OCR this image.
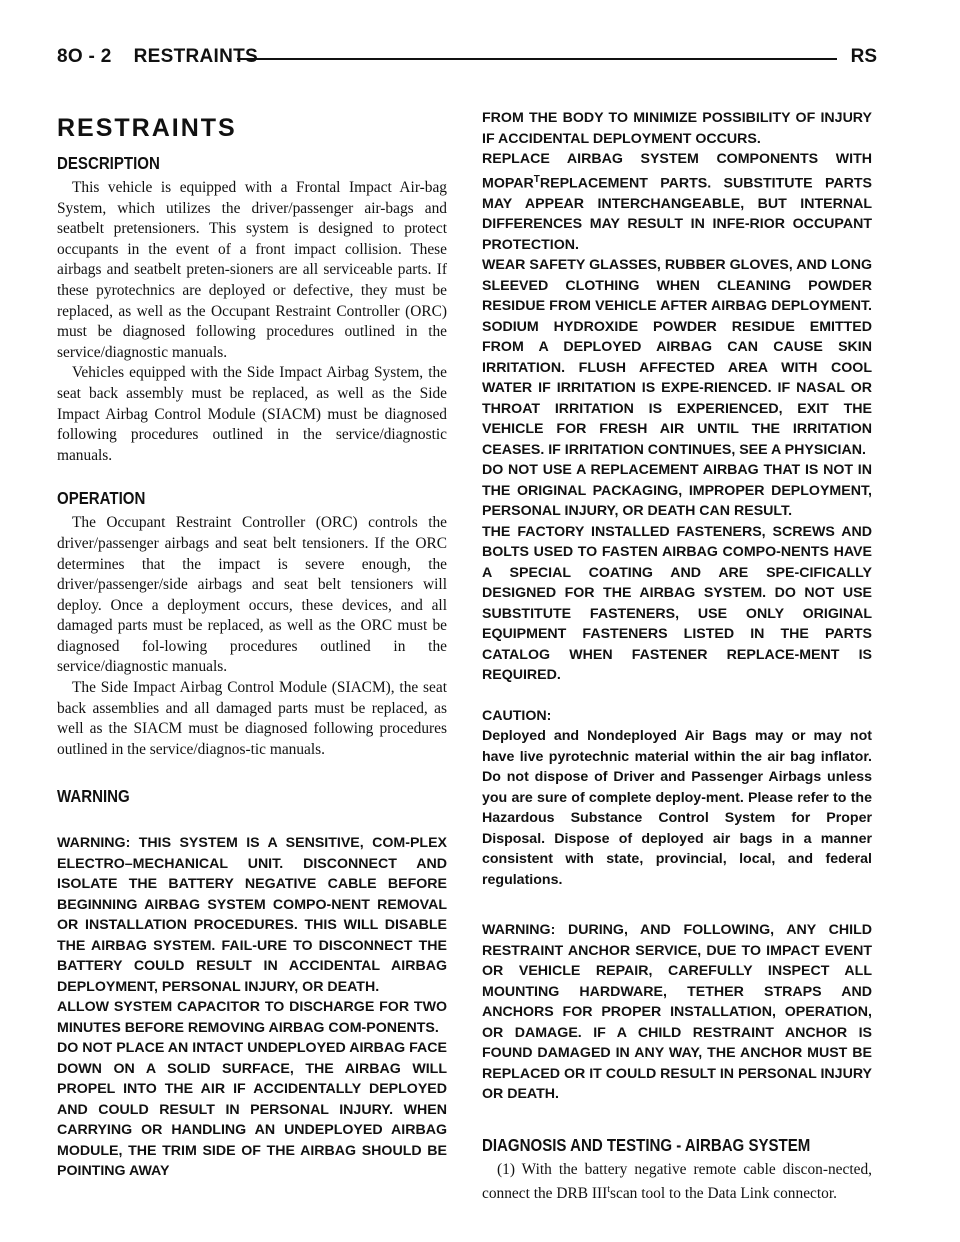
8O - 2 RESTRAINTS	RS
RESTRAINTS
DESCRIPTION

This vehicle is equipped with a Frontal Impact Air-bag System, which utilizes the driver/passenger air-bags and seatbelt pretensioners. This system is designed to protect occupants in the event of a front impact collision. These airbags and seatbelt preten-sioners are all serviceable parts. If these pyrotechnics are deployed or defective, they must be replaced, as well as the Occupant Restraint Controller (ORC) must be diagnosed following procedures outlined in the service/diagnostic manuals.

Vehicles equipped with the Side Impact Airbag System, the seat back assembly must be replaced, as well as the Side Impact Airbag Control Module (SIACM) must be diagnosed following procedures outlined in the service/diagnostic manuals.

OPERATION

The Occupant Restraint Controller (ORC) controls the driver/passenger airbags and seat belt tensioners. If the ORC determines that the impact is severe enough, the driver/passenger/side airbags and seat belt tensioners will deploy. Once a deployment occurs, these devices, and all damaged parts must be replaced, as well as the ORC must be diagnosed fol-lowing procedures outlined in the service/diagnostic manuals.

The Side Impact Airbag Control Module (SIACM), the seat back assemblies and all damaged parts must be replaced, as well as the SIACM must be diagnosed following procedures outlined in the service/diagnos-tic manuals.

WARNING

WARNING: THIS SYSTEM IS A SENSITIVE, COM-PLEX ELECTRO–MECHANICAL UNIT. DISCONNECT AND ISOLATE THE BATTERY NEGATIVE CABLE BEFORE BEGINNING AIRBAG SYSTEM COMPO-NENT REMOVAL OR INSTALLATION PROCEDURES. THIS WILL DISABLE THE AIRBAG SYSTEM. FAIL-URE TO DISCONNECT THE BATTERY COULD RESULT IN ACCIDENTAL AIRBAG DEPLOYMENT, PERSONAL INJURY, OR DEATH.

ALLOW SYSTEM CAPACITOR TO DISCHARGE FOR TWO MINUTES BEFORE REMOVING AIRBAG COM-PONENTS.

DO NOT PLACE AN INTACT UNDEPLOYED AIRBAG FACE DOWN ON A SOLID SURFACE, THE AIRBAG WILL PROPEL INTO THE AIR IF ACCIDENTALLY DEPLOYED AND COULD RESULT IN PERSONAL INJURY. WHEN CARRYING OR HANDLING AN UNDEPLOYED AIRBAG MODULE, THE TRIM SIDE OF THE AIRBAG SHOULD BE POINTING AWAY

FROM THE BODY TO MINIMIZE POSSIBILITY OF INJURY IF ACCIDENTAL DEPLOYMENT OCCURS.

REPLACE AIRBAG SYSTEM COMPONENTS WITH $MOPAR^TREPLACEMENT$ PARTS. SUBSTITUTE PARTS MAY APPEAR INTERCHANGEABLE, BUT INTERNAL DIFFERENCES MAY RESULT IN INFE-RIOR OCCUPANT PROTECTION.

WEAR SAFETY GLASSES, RUBBER GLOVES, AND LONG SLEEVED CLOTHING WHEN CLEANING POWDER RESIDUE FROM VEHICLE AFTER AIRBAG DEPLOYMENT. SODIUM HYDROXIDE POWDER RESIDUE EMITTED FROM A DEPLOYED AIRBAG CAN CAUSE SKIN IRRITATION. FLUSH AFFECTED AREA WITH COOL WATER IF IRRITATION IS EXPE-RIENCED. IF NASAL OR THROAT IRRITATION IS EXPERIENCED, EXIT THE VEHICLE FOR FRESH AIR UNTIL THE IRRITATION CEASES. IF IRRITATION CONTINUES, SEE A PHYSICIAN.

DO NOT USE A REPLACEMENT AIRBAG THAT IS NOT IN THE ORIGINAL PACKAGING, IMPROPER DEPLOYMENT, PERSONAL INJURY, OR DEATH CAN RESULT.

THE FACTORY INSTALLED FASTENERS, SCREWS AND BOLTS USED TO FASTEN AIRBAG COMPO-NENTS HAVE A SPECIAL COATING AND ARE SPE-CIFICALLY DESIGNED FOR THE AIRBAG SYSTEM. DO NOT USE SUBSTITUTE FASTENERS, USE ONLY ORIGINAL EQUIPMENT FASTENERS LISTED IN THE PARTS CATALOG WHEN FASTENER REPLACE-MENT IS REQUIRED.

CAUTION:

Deployed and Nondeployed Air Bags may or may not have live pyrotechnic material within the air bag inflator. Do not dispose of Driver and Passenger Airbags unless you are sure of complete deploy-ment. Please refer to the Hazardous Substance Control System for Proper Disposal. Dispose of deployed air bags in a manner consistent with state, provincial, local, and federal regulations.

WARNING: DURING, AND FOLLOWING, ANY CHILD RESTRAINT ANCHOR SERVICE, DUE TO IMPACT EVENT OR VEHICLE REPAIR, CAREFULLY INSPECT ALL MOUNTING HARDWARE, TETHER STRAPS AND ANCHORS FOR PROPER INSTALLATION, OPERATION, OR DAMAGE. IF A CHILD RESTRAINT ANCHOR IS FOUND DAMAGED IN ANY WAY, THE ANCHOR MUST BE REPLACED OR IT COULD RESULT IN PERSONAL INJURY OR DEATH.

DIAGNOSIS AND TESTING - AIRBAG SYSTEM

(1) With the battery negative remote cable discon-nected, connect the DRB III$^t$scan tool to the Data Link connector.
